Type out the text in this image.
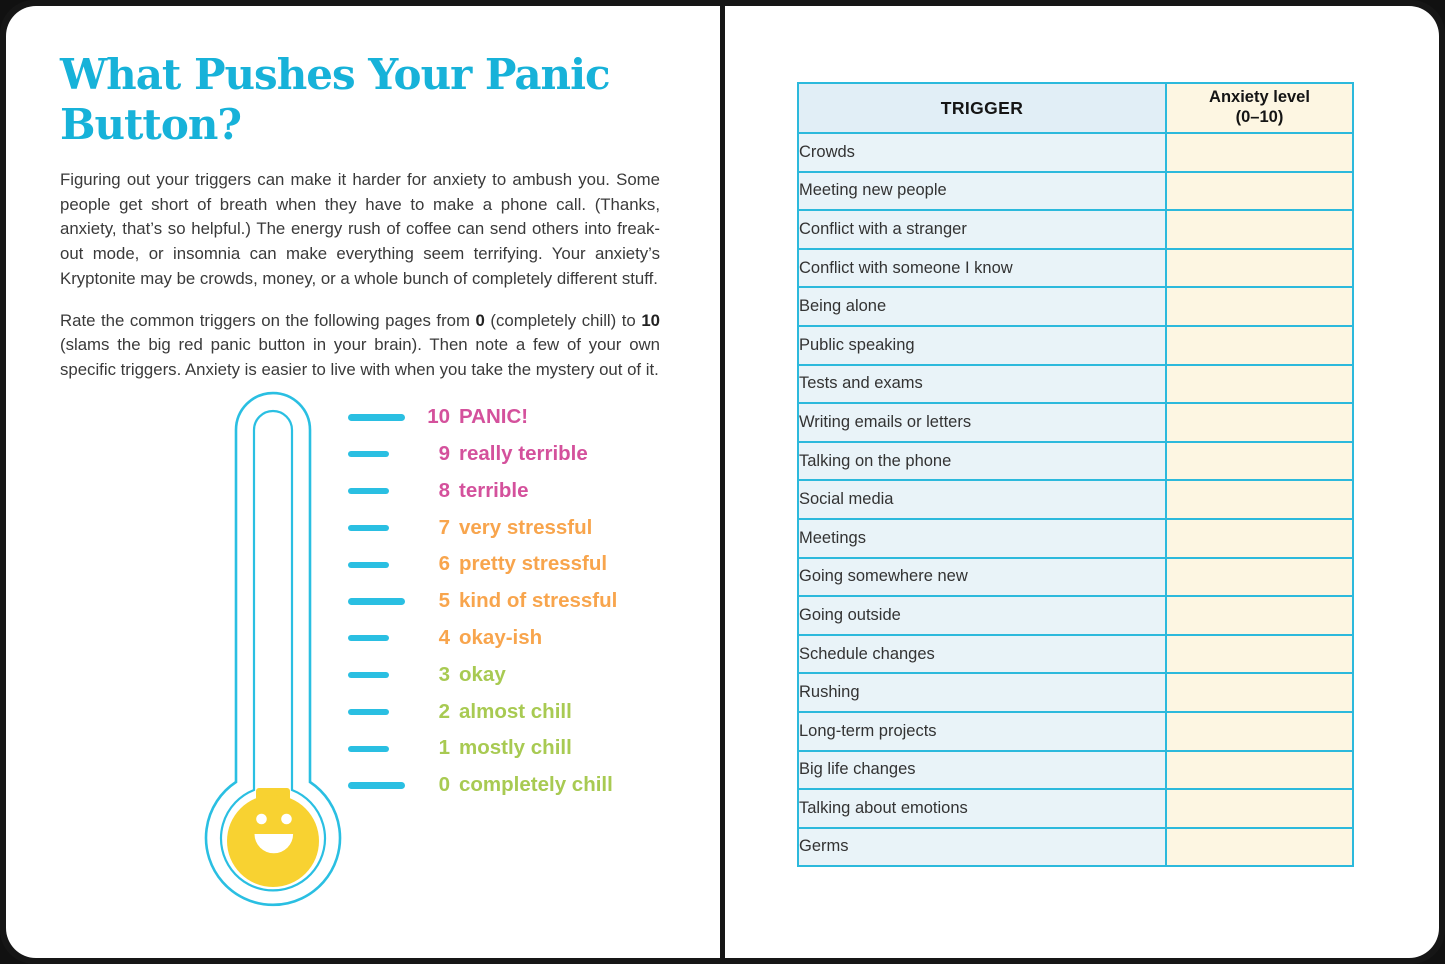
What Pushes Your Panic Button?

Figuring out your triggers can make it harder for anxiety to ambush you. Some people get short of breath when they have to make a phone call. (Thanks, anxiety, that’s so helpful.) The energy rush of coffee can send others into freak-out mode, or insomnia can make everything seem terrifying. Your anxiety’s Kryptonite may be crowds, money, or a whole bunch of completely different stuff.

Rate the common triggers on the following pages from 0 (completely chill) to 10 (slams the big red panic button in your brain). Then note a few of your own specific triggers. Anxiety is easier to live with when you take the mystery out of it.

10 PANIC!
9 really terrible
8 terrible
7 very stressful
6 pretty stressful
5 kind of stressful
4 okay-ish
3 okay
2 almost chill
1 mostly chill
0 completely chill
TRIGGER	Anxiety level
(0–10)

Crowds	
Meeting new people	
Conflict with a stranger	
Conflict with someone I know	
Being alone	
Public speaking	
Tests and exams	
Writing emails or letters	
Talking on the phone	
Social media	
Meetings	
Going somewhere new	
Going outside	
Schedule changes	
Rushing	
Long-term projects	
Big life changes	
Talking about emotions	
Germs	
